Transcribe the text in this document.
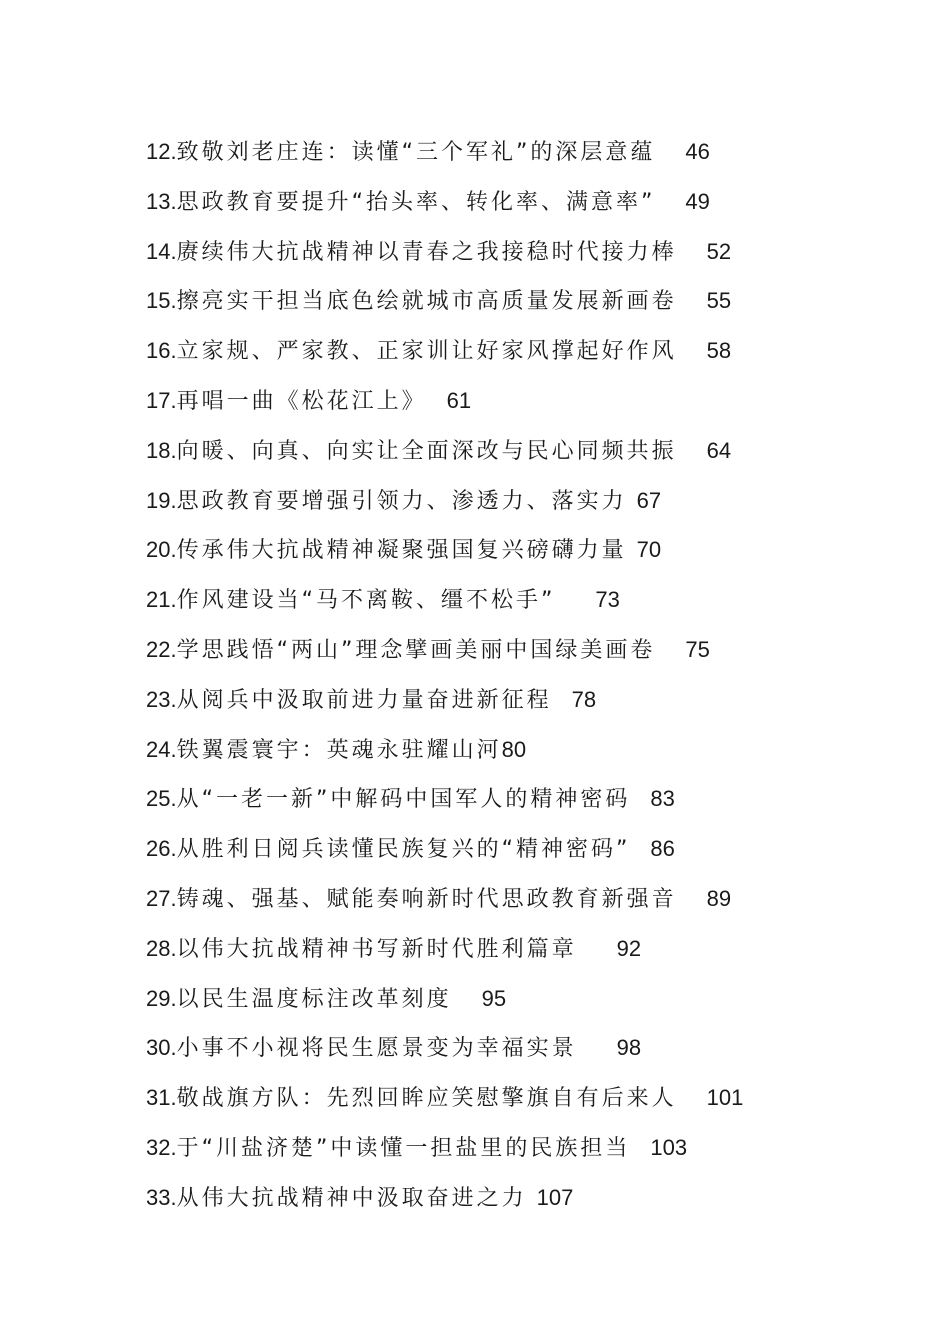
12.致敬刘老庄连：读懂“三个军礼”的深层意蕴 46
13.思政教育要提升“抬头率、转化率、满意率” 49
14.赓续伟大抗战精神以青春之我接稳时代接力棒 52
15.擦亮实干担当底色绘就城市高质量发展新画卷 55
16.立家规、严家教、正家训让好家风撑起好作风 58
17.再唱一曲《松花江上》 61
18.向暖、向真、向实让全面深改与民心同频共振 64
19.思政教育要增强引领力、渗透力、落实力 67
20.传承伟大抗战精神凝聚强国复兴磅礴力量 70
21.作风建设当“马不离鞍、缰不松手” 73
22.学思践悟“两山”理念擘画美丽中国绿美画卷 75
23.从阅兵中汲取前进力量奋进新征程 78
24.铁翼震寰宇：英魂永驻耀山河80
25.从“一老一新”中解码中国军人的精神密码 83
26.从胜利日阅兵读懂民族复兴的“精神密码” 86
27.铸魂、强基、赋能奏响新时代思政教育新强音 89
28.以伟大抗战精神书写新时代胜利篇章 92
29.以民生温度标注改革刻度 95
30.小事不小视将民生愿景变为幸福实景 98
31.敬战旗方队：先烈回眸应笑慰擎旗自有后来人 101
32.于“川盐济楚”中读懂一担盐里的民族担当 103
33.从伟大抗战精神中汲取奋进之力 107
